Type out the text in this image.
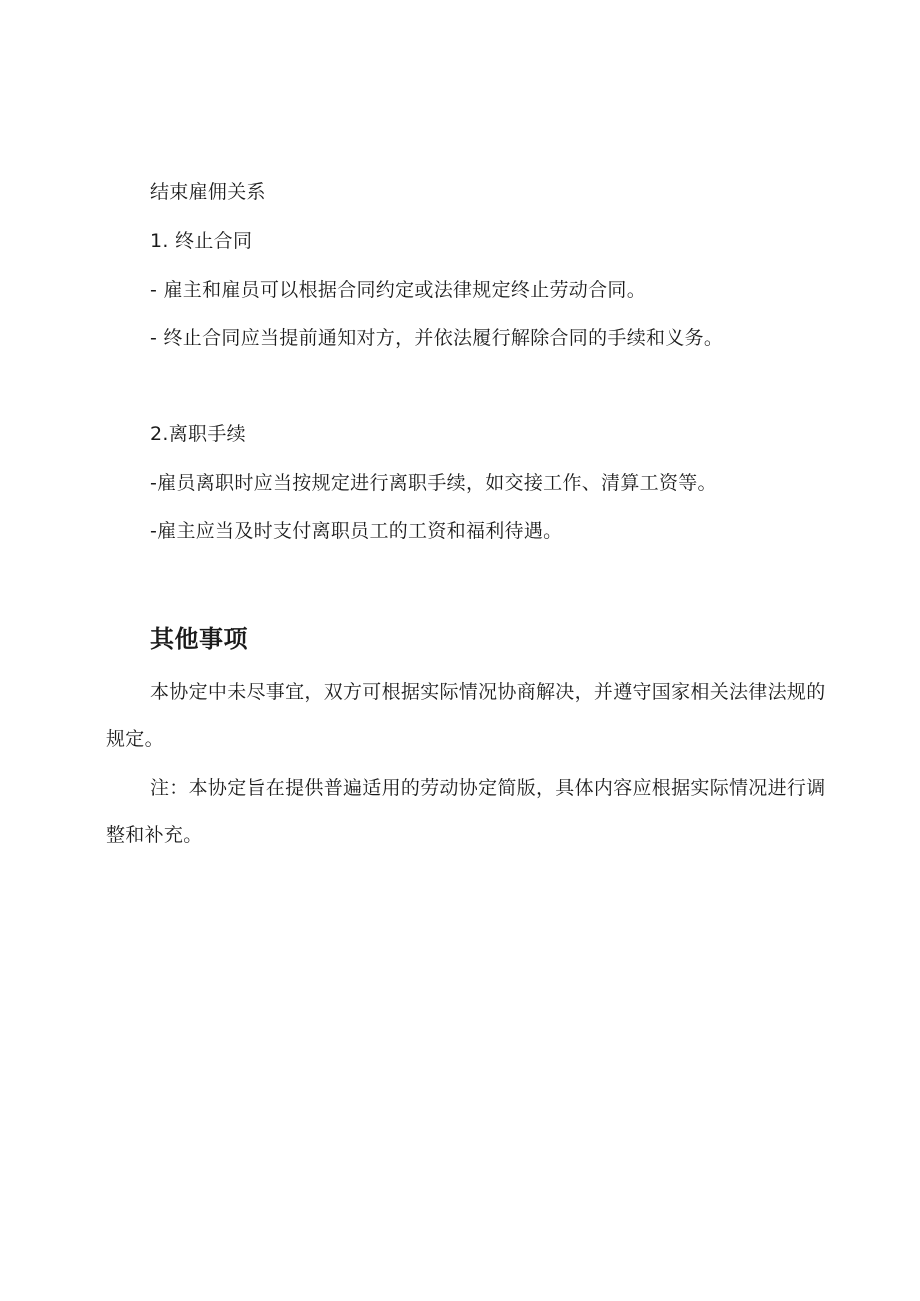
结束雇佣关系

1. 终止合同

- 雇主和雇员可以根据合同约定或法律规定终止劳动合同。

- 终止合同应当提前通知对方，并依法履行解除合同的手续和义务。

2.离职手续

-雇员离职时应当按规定进行离职手续，如交接工作、清算工资等。

-雇主应当及时支付离职员工的工资和福利待遇。

其他事项

本协定中未尽事宜，双方可根据实际情况协商解决，并遵守国家相关法律法规的规定。

注：本协定旨在提供普遍适用的劳动协定简版，具体内容应根据实际情况进行调整和补充。
